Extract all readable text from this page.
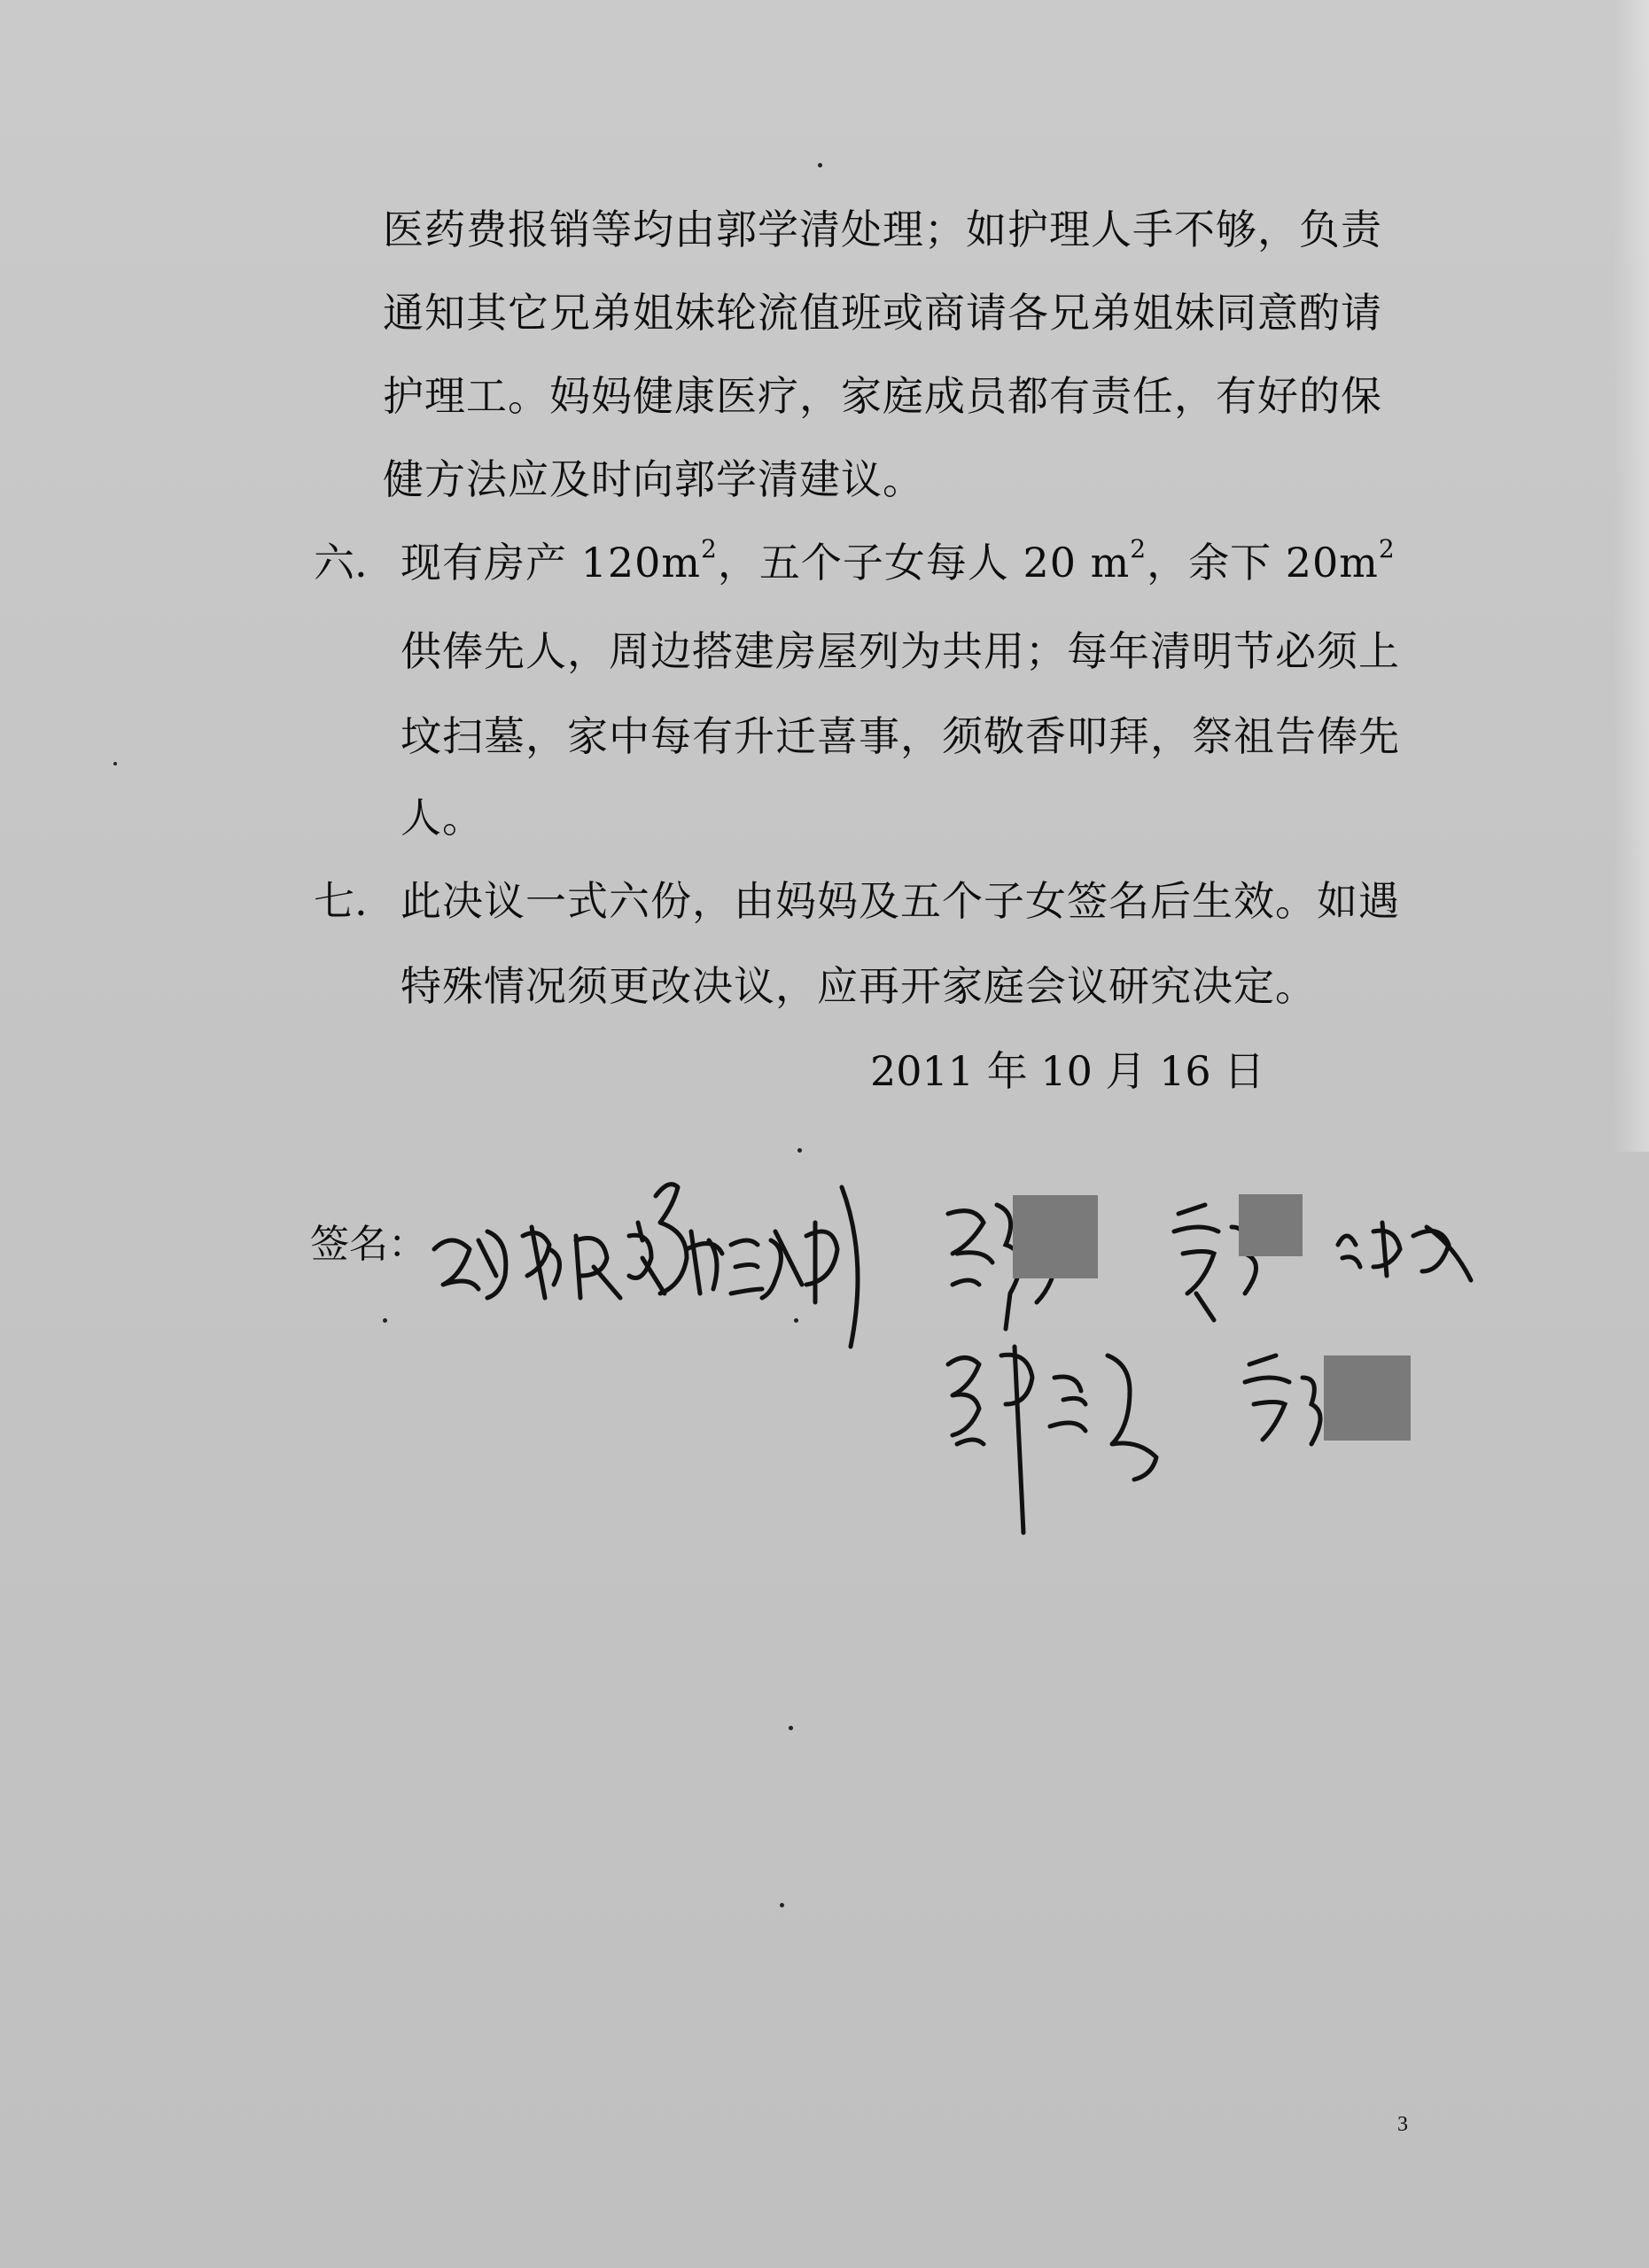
医药费报销等均由郭学清处理；如护理人手不够，负责
通知其它兄弟姐妹轮流值班或商请各兄弟姐妹同意酌请
护理工。妈妈健康医疗，家庭成员都有责任，有好的保
健方法应及时向郭学清建议。
六. 现有房产 $120m^2$，五个子女每人 20 $m^2$，余下 $20m^2$
供俸先人，周边搭建房屋列为共用；每年清明节必须上
坟扫墓，家中每有升迁喜事，须敬香叩拜，祭祖告俸先
人。
七. 此决议一式六份，由妈妈及五个子女签名后生效。如遇
特殊情况须更改决议，应再开家庭会议研究决定。
2011 年 10 月 16 日
签名：
3
